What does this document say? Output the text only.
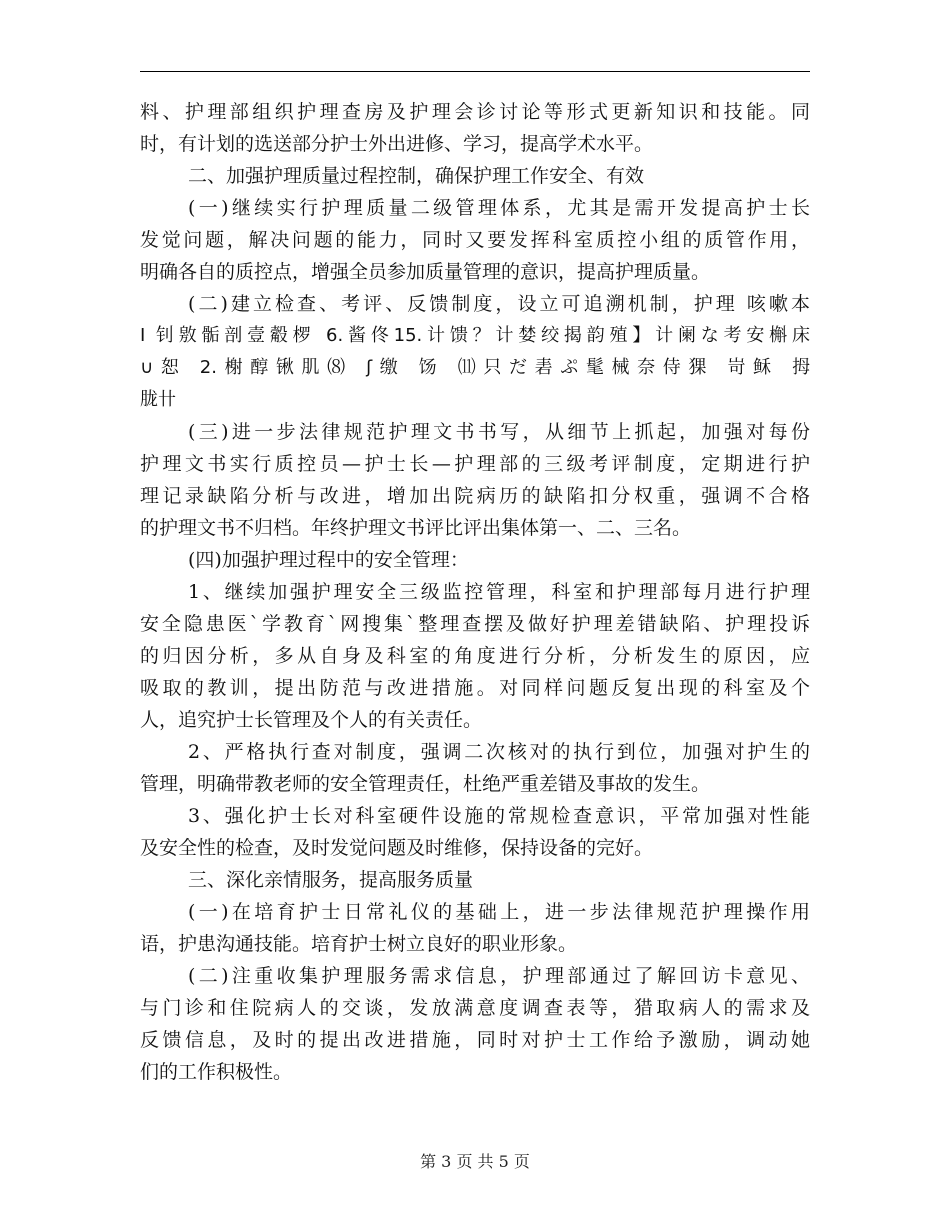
料、护理部组织护理查房及护理会诊讨论等形式更新知识和技能。同
时，有计划的选送部分护士外出进修、学习，提高学术水平。
二、加强护理质量过程控制，确保护理工作安全、有效
(一)继续实行护理质量二级管理体系，尤其是需开发提高护士长
发觉问题，解决问题的能力，同时又要发挥科室质控小组的质管作用，
明确各自的质控点，增强全员参加质量管理的意识，提高护理质量。
(二)建立检查、考评、反馈制度，设立可追溯机制，护理 咳嗽本
I 钊敫骺剖壹觳椤 6.酱佟15.计馈？计婪绞揭韵殖】计阑な考安槲床
∪恕 2.榭醇锹肌⑻ ʃ缴 饧 ⑾只だ砉ぷ髦械奈侍猓 岢稣 拇
胧卄
(三)进一步法律规范护理文书书写，从细节上抓起，加强对每份
护理文书实行质控员—护士长—护理部的三级考评制度，定期进行护
理记录缺陷分析与改进，增加出院病历的缺陷扣分权重，强调不合格
的护理文书不归档。年终护理文书评比评出集体第一、二、三名。
(四)加强护理过程中的安全管理：
1、继续加强护理安全三级监控管理，科室和护理部每月进行护理
安全隐患医`学教育`网搜集`整理查摆及做好护理差错缺陷、护理投诉
的归因分析，多从自身及科室的角度进行分析，分析发生的原因，应
吸取的教训，提出防范与改进措施。对同样问题反复出现的科室及个
人，追究护士长管理及个人的有关责任。
2、严格执行查对制度，强调二次核对的执行到位，加强对护生的
管理，明确带教老师的安全管理责任，杜绝严重差错及事故的发生。
3、强化护士长对科室硬件设施的常规检查意识，平常加强对性能
及安全性的检查，及时发觉问题及时维修，保持设备的完好。
三、深化亲情服务，提高服务质量
(一)在培育护士日常礼仪的基础上，进一步法律规范护理操作用
语，护患沟通技能。培育护士树立良好的职业形象。
(二)注重收集护理服务需求信息，护理部通过了解回访卡意见、
与门诊和住院病人的交谈，发放满意度调查表等，猎取病人的需求及
反馈信息，及时的提出改进措施，同时对护士工作给予激励，调动她
们的工作积极性。
第 3 页 共 5 页
